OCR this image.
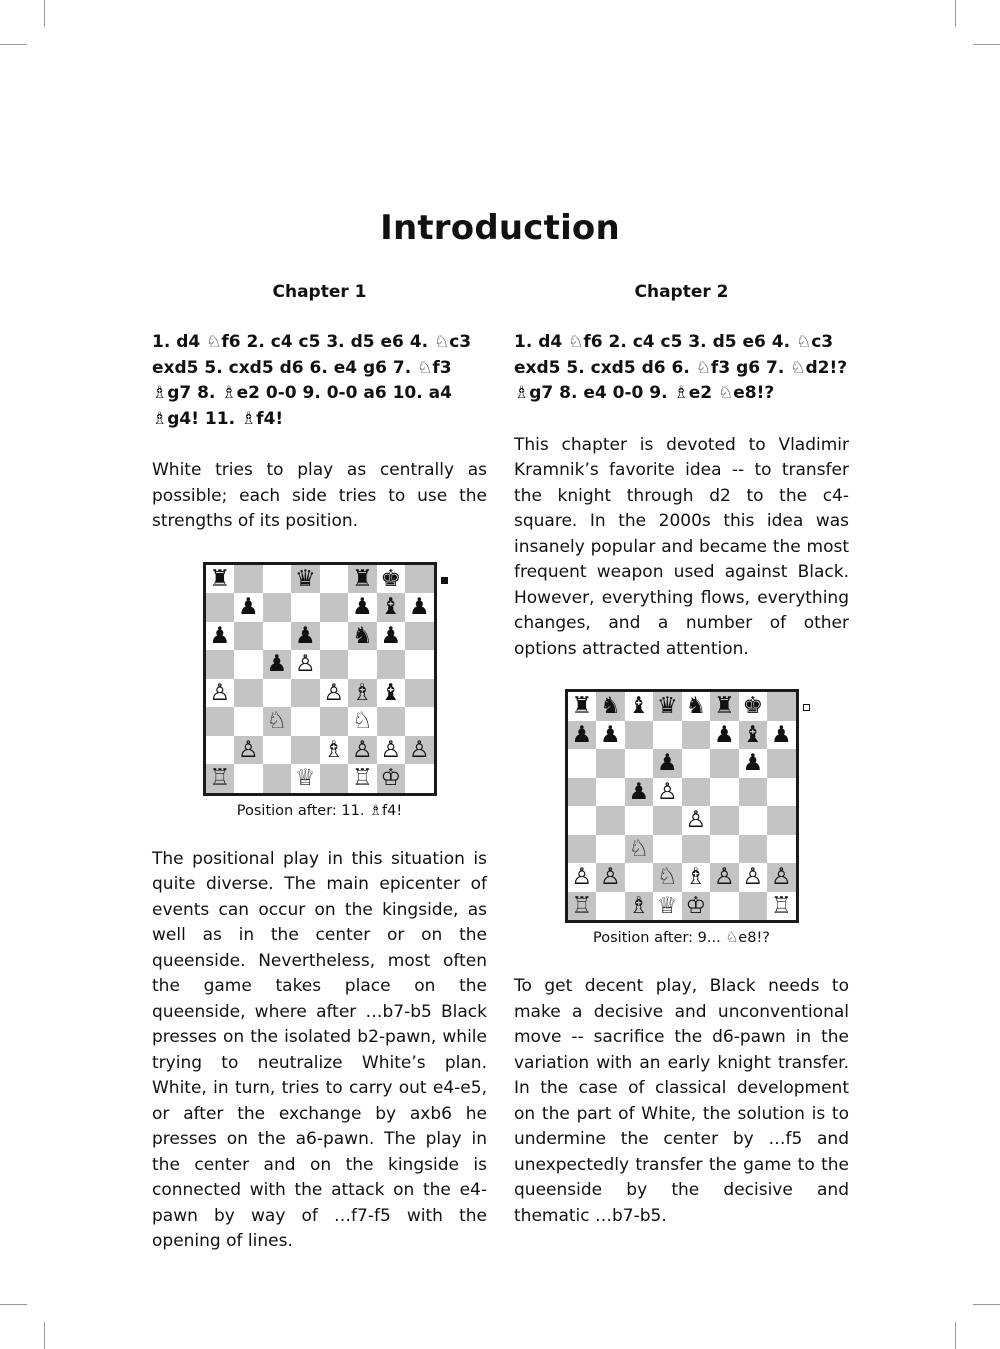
Introduction
Chapter 1
1. d4 ♘f6 2. c4 c5 3. d5 e6 4. ♘c3 exd5 5. cxd5 d6 6. e4 g6 7. ♘f3 ♗g7 8. ♗e2 0-0 9. 0-0 a6 10. a4 ♗g4! 11. ♗f4!
White tries to play as centrally as possible; each side tries to use the strengths of its position.
♜	♛ ♜ ♚
♟	♟ ♝ ♟
♟	♟ ♞ ♟
♟ ♙
♙	♙ ♗ ♝
♘	♘
♙	♗ ♙ ♙ ♙
♖	♕ ♖ ♔
Position after: 11. ♗f4!
The positional play in this situation is quite diverse. The main epicenter of events can occur on the kingside, as well as in the center or on the queenside. Nevertheless, most often the game takes place on the queenside, where after …b7-b5 Black presses on the isolated b2-pawn, while trying to neutralize White’s plan. White, in turn, tries to carry out e4-e5, or after the exchange by axb6 he presses on the a6-pawn. The play in the center and on the kingside is connected with the attack on the e4-pawn by way of …f7-f5 with the opening of lines.
Chapter 2
1. d4 ♘f6 2. c4 c5 3. d5 e6 4. ♘c3 exd5 5. cxd5 d6 6. ♘f3 g6 7. ♘d2!? ♗g7 8. e4 0-0 9. ♗e2 ♘e8!?
This chapter is devoted to Vladimir Kramnik’s favorite idea -- to transfer the knight through d2 to the c4-square. In the 2000s this idea was insanely popular and became the most frequent weapon used against Black. However, everything flows, everything changes, and a number of other options attracted attention.
♜ ♞ ♝ ♛ ♞ ♜ ♚
♟ ♟	♟ ♝ ♟
♟	♟
♟ ♙
♙
♘
♙ ♙ ♘ ♗ ♙ ♙ ♙
♖ ♗ ♕ ♔	♖
Position after: 9... ♘e8!?
To get decent play, Black needs to make a decisive and unconventional move -- sacrifice the d6-pawn in the variation with an early knight transfer. In the case of classical development on the part of White, the solution is to undermine the center by …f5 and unexpectedly transfer the game to the queenside by the decisive and thematic …b7-b5.
